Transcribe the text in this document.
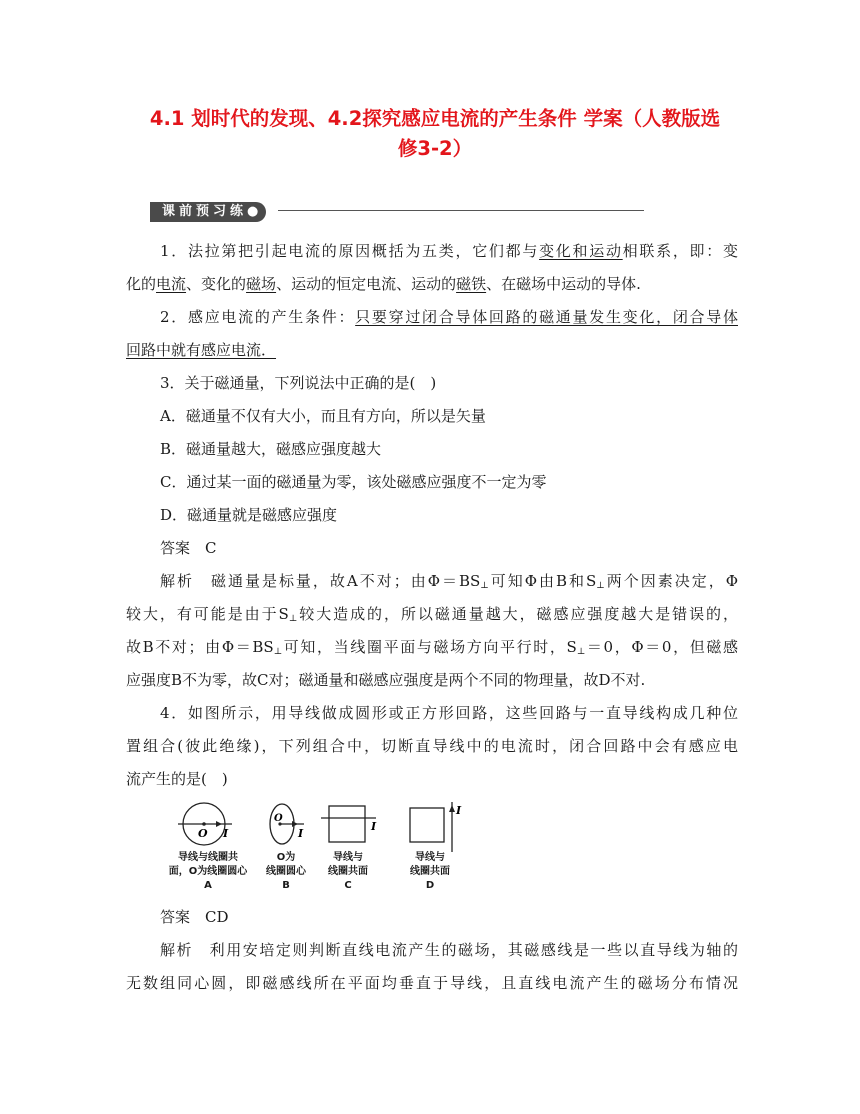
4.1 划时代的发现、4.2探究感应电流的产生条件 学案（人教版选
修3-2）
课前预习练●
1．法拉第把引起电流的原因概括为五类，它们都与变化和运动相联系，即：变
化的电流、变化的磁场、运动的恒定电流、运动的磁铁、在磁场中运动的导体.
2．感应电流的产生条件：只要穿过闭合导体回路的磁通量发生变化，闭合导体
回路中就有感应电流．
3．关于磁通量，下列说法中正确的是(　)
A．磁通量不仅有大小，而且有方向，所以是矢量
B．磁通量越大，磁感应强度越大
C．通过某一面的磁通量为零，该处磁感应强度不一定为零
D．磁通量就是磁感应强度
答案　C
解析　磁通量是标量，故A不对；由$\Phi=BS_\perp$可知Φ由B和$S_\perp$两个因素决定，Φ
较大，有可能是由于$S_\perp$较大造成的，所以磁通量越大，磁感应强度越大是错误的，
故B不对；由$\Phi=BS_\perp$可知，当线圈平面与磁场方向平行时，$S_\perp=0$，Φ＝0，但磁感
应强度B不为零，故C对；磁通量和磁感应强度是两个不同的物理量，故D不对.
4．如图所示，用导线做成圆形或正方形回路，这些回路与一直导线构成几种位
置组合(彼此绝缘)，下列组合中，切断直导线中的电流时，闭合回路中会有感应电
流产生的是(　)
O I
O
I
I
I
导线与线圈共
面，O为线圈圆心
A
O为
线圈圆心
B
导线与
线圈共面
C
导线与
线圈共面
D
答案　CD
解析　利用安培定则判断直线电流产生的磁场，其磁感线是一些以直导线为轴的
无数组同心圆，即磁感线所在平面均垂直于导线，且直线电流产生的磁场分布情况
